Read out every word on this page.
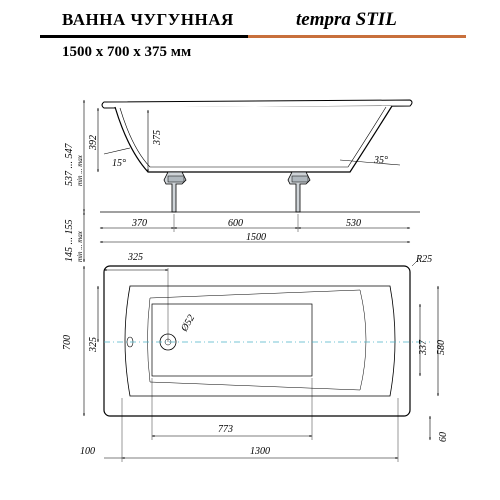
ВАННА ЧУГУННАЯ	tempra STIL
1500 x 700 x 375 мм
375
15°	35°
370	600	530
1500
537 ... 547 min ... max
392
145 ... 155 min ... max	325	R25
Ø52
700 325	337 580
773
1300
100
60
